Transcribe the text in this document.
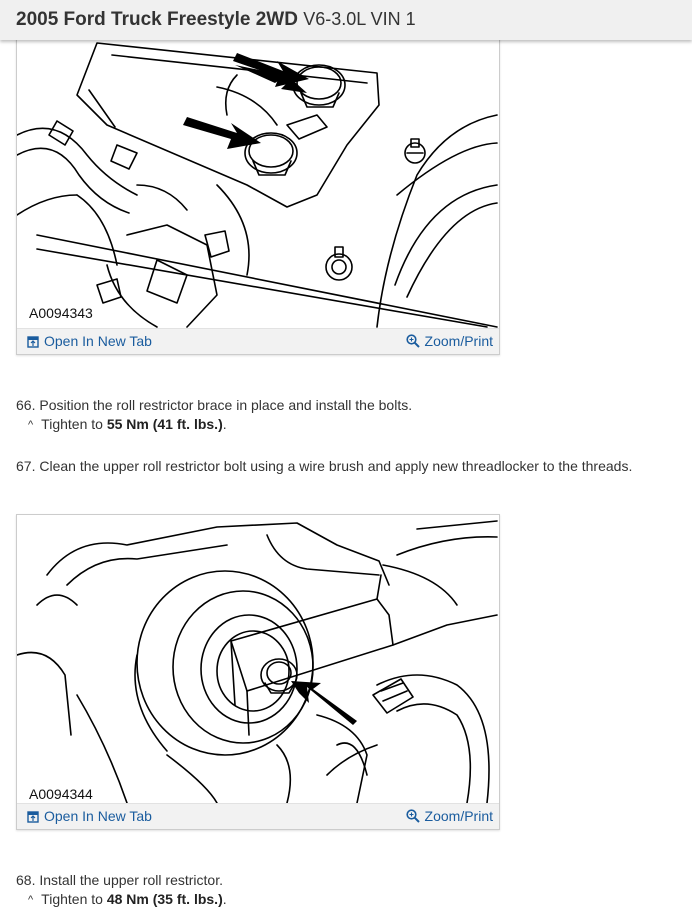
2005 Ford Truck Freestyle 2WD V6-3.0L VIN 1
A0094343
Open In New Tab	Zoom/Print
66. Position the roll restrictor brace in place and install the bolts.
^ Tighten to 55 Nm (41 ft. lbs.).
67. Clean the upper roll restrictor bolt using a wire brush and apply new threadlocker to the threads.
A0094344
Open In New Tab	Zoom/Print
68. Install the upper roll restrictor.
^ Tighten to 48 Nm (35 ft. lbs.).
